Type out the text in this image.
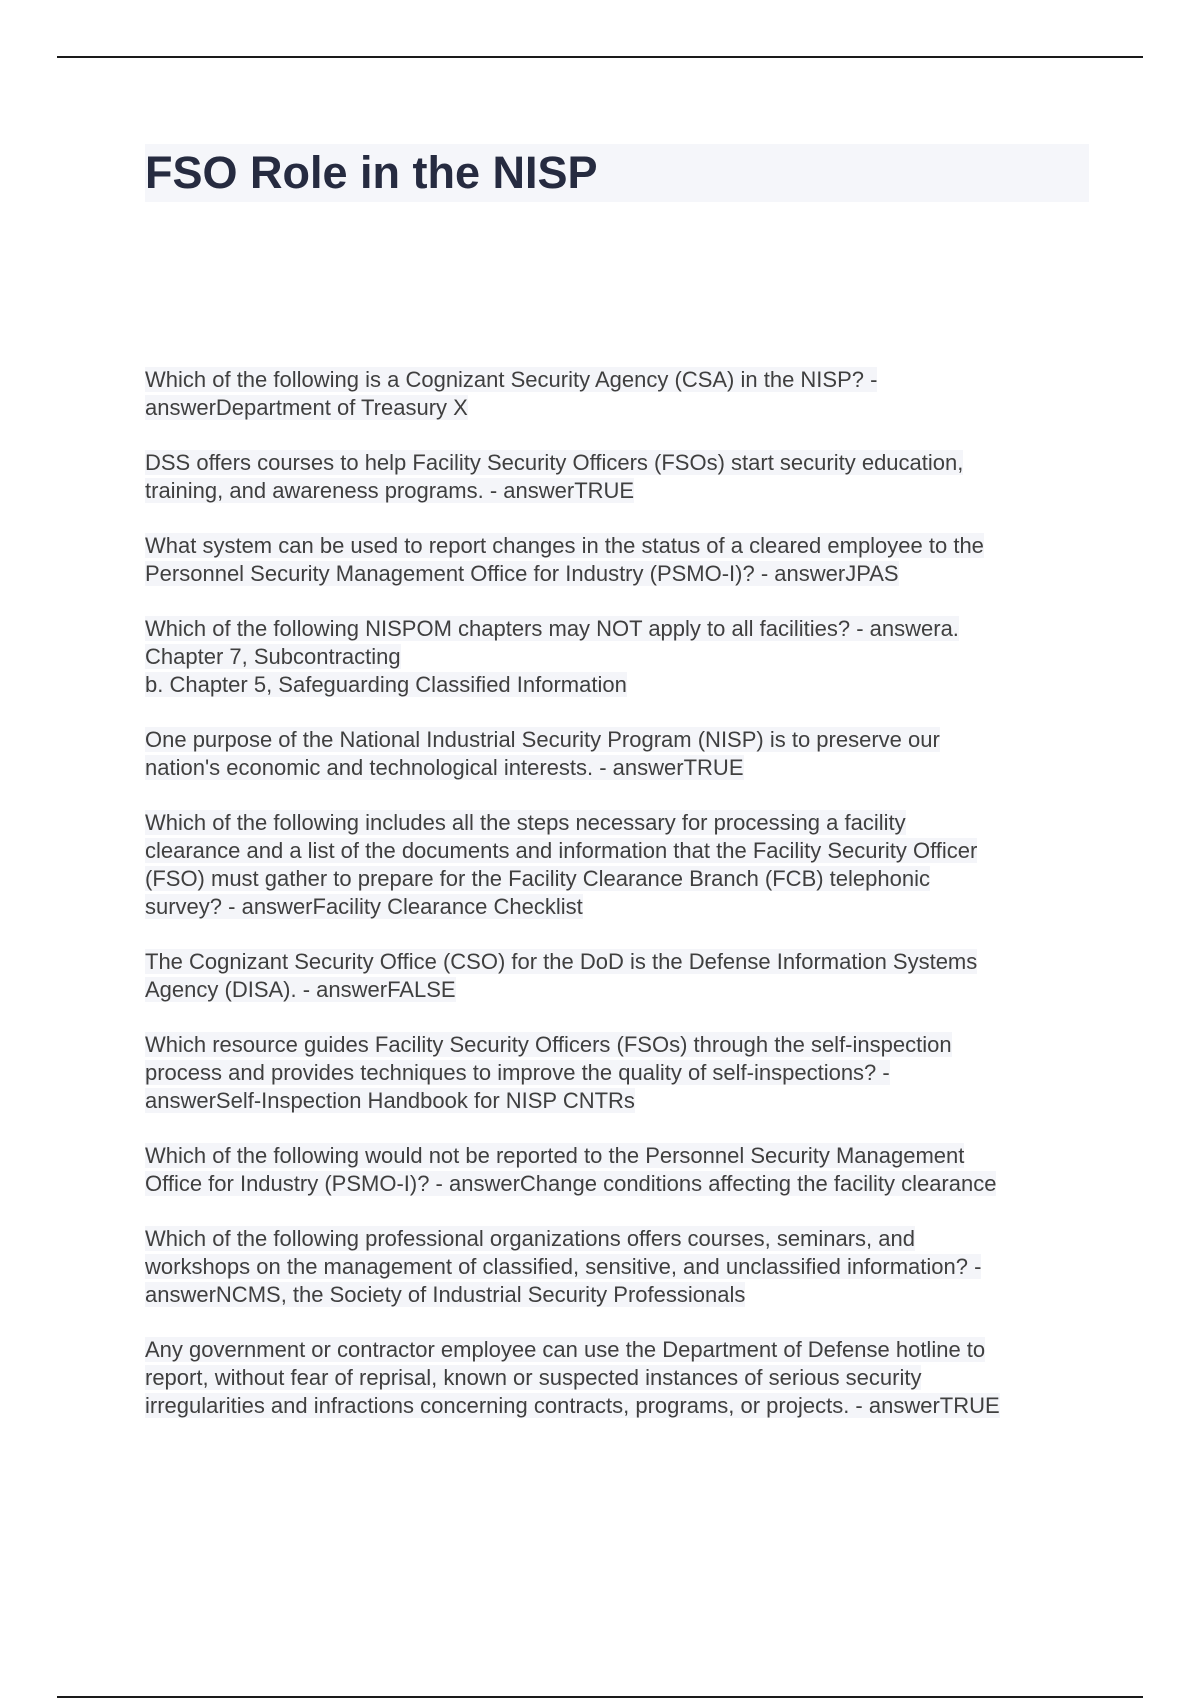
FSO Role in the NISP
Which of the following is a Cognizant Security Agency (CSA) in the NISP? -
answerDepartment of Treasury X
DSS offers courses to help Facility Security Officers (FSOs) start security education,
training, and awareness programs. - answerTRUE
What system can be used to report changes in the status of a cleared employee to the
Personnel Security Management Office for Industry (PSMO-I)? - answerJPAS
Which of the following NISPOM chapters may NOT apply to all facilities? - answera.
Chapter 7, Subcontracting
b. Chapter 5, Safeguarding Classified Information
One purpose of the National Industrial Security Program (NISP) is to preserve our
nation's economic and technological interests. - answerTRUE
Which of the following includes all the steps necessary for processing a facility
clearance and a list of the documents and information that the Facility Security Officer
(FSO) must gather to prepare for the Facility Clearance Branch (FCB) telephonic
survey? - answerFacility Clearance Checklist
The Cognizant Security Office (CSO) for the DoD is the Defense Information Systems
Agency (DISA). - answerFALSE
Which resource guides Facility Security Officers (FSOs) through the self-inspection
process and provides techniques to improve the quality of self-inspections? -
answerSelf-Inspection Handbook for NISP CNTRs
Which of the following would not be reported to the Personnel Security Management
Office for Industry (PSMO-I)? - answerChange conditions affecting the facility clearance
Which of the following professional organizations offers courses, seminars, and
workshops on the management of classified, sensitive, and unclassified information? -
answerNCMS, the Society of Industrial Security Professionals
Any government or contractor employee can use the Department of Defense hotline to
report, without fear of reprisal, known or suspected instances of serious security
irregularities and infractions concerning contracts, programs, or projects. - answerTRUE
